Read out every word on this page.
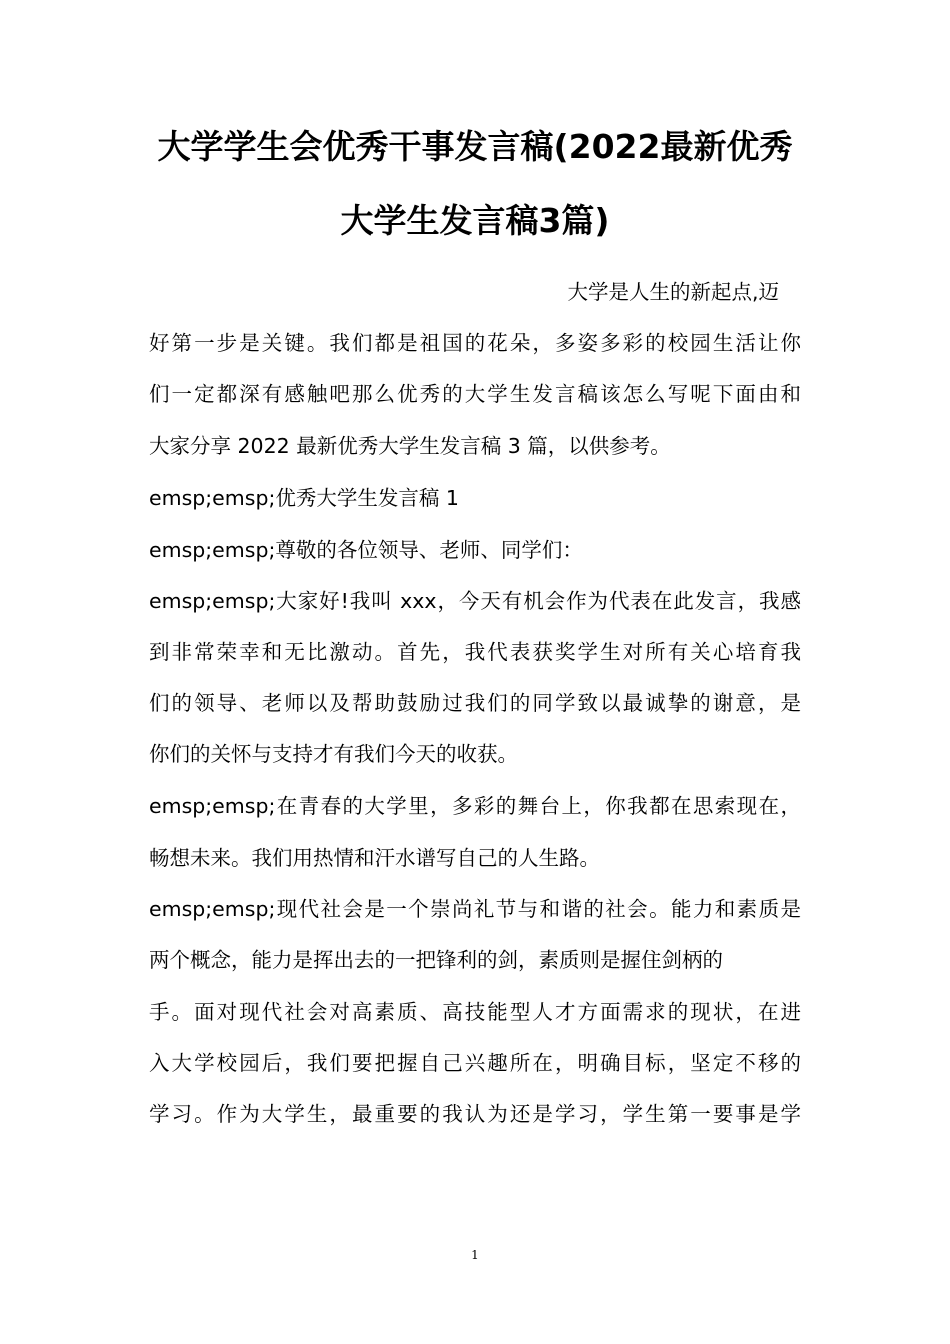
大学学生会优秀干事发言稿(2022最新优秀
大学生发言稿3篇)
大学是人生的新起点,迈
好第一步是关键。我们都是祖国的花朵，多姿多彩的校园生活让你
们一定都深有感触吧那么优秀的大学生发言稿该怎么写呢下面由和
大家分享 2022 最新优秀大学生发言稿 3 篇，以供参考。
emsp;emsp;优秀大学生发言稿 1
emsp;emsp;尊敬的各位领导、老师、同学们：
emsp;emsp;大家好!我叫 xxx，今天有机会作为代表在此发言，我感
到非常荣幸和无比激动。首先，我代表获奖学生对所有关心培育我
们的领导、老师以及帮助鼓励过我们的同学致以最诚挚的谢意，是
你们的关怀与支持才有我们今天的收获。
emsp;emsp;在青春的大学里，多彩的舞台上，你我都在思索现在，
畅想未来。我们用热情和汗水谱写自己的人生路。
emsp;emsp;现代社会是一个崇尚礼节与和谐的社会。能力和素质是
两个概念，能力是挥出去的一把锋利的剑，素质则是握住剑柄的
手。面对现代社会对高素质、高技能型人才方面需求的现状，在进
入大学校园后，我们要把握自己兴趣所在，明确目标，坚定不移的
学习。作为大学生，最重要的我认为还是学习，学生第一要事是学
1
